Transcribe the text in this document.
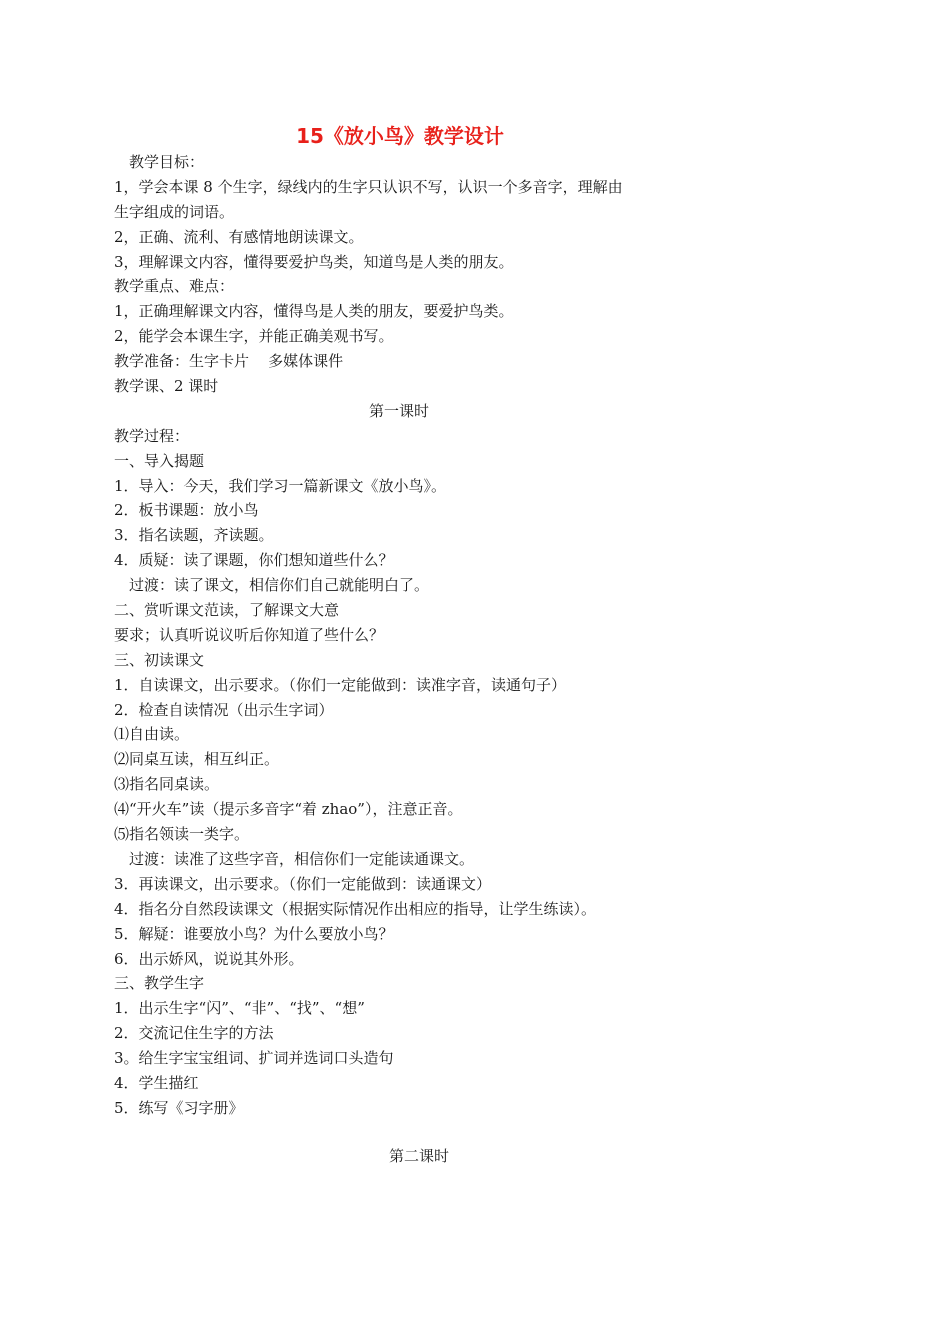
15《放小鸟》教学设计
教学目标：
1，学会本课 8 个生字，绿线内的生字只认识不写，认识一个多音字，理解由
生字组成的词语。
2，正确、流利、有感情地朗读课文。
3，理解课文内容，懂得要爱护鸟类，知道鸟是人类的朋友。
教学重点、难点：
1，正确理解课文内容，懂得鸟是人类的朋友，要爱护鸟类。
2，能学会本课生字，并能正确美观书写。
教学准备：生字卡片    多媒体课件
教学课、2 课时
第一课时
教学过程：
一、导入揭题
1．导入：今天，我们学习一篇新课文《放小鸟》。
2．板书课题：放小鸟
3．指名读题，齐读题。
4．质疑：读了课题，你们想知道些什么？
过渡：读了课文，相信你们自己就能明白了。
二、赏听课文范读，了解课文大意
要求；认真听说议听后你知道了些什么？
三、初读课文
1．自读课文，出示要求。（你们一定能做到：读准字音，读通句子）
2．检查自读情况（出示生字词）
⑴自由读。
⑵同桌互读，相互纠正。
⑶指名同桌读。
⑷“开火车”读（提示多音字“着 zhao”），注意正音。
⑸指名领读一类字。
过渡：读准了这些字音，相信你们一定能读通课文。
3．再读课文，出示要求。（你们一定能做到：读通课文）
4．指名分自然段读课文（根据实际情况作出相应的指导，让学生练读）。
5．解疑：谁要放小鸟？为什么要放小鸟？
6．出示娇风，说说其外形。
三、教学生字
1．出示生字“闪”、“非”、“找”、“想”
2．交流记住生字的方法
3。给生字宝宝组词、扩词并选词口头造句
4．学生描红
5．练写《习字册》
第二课时
